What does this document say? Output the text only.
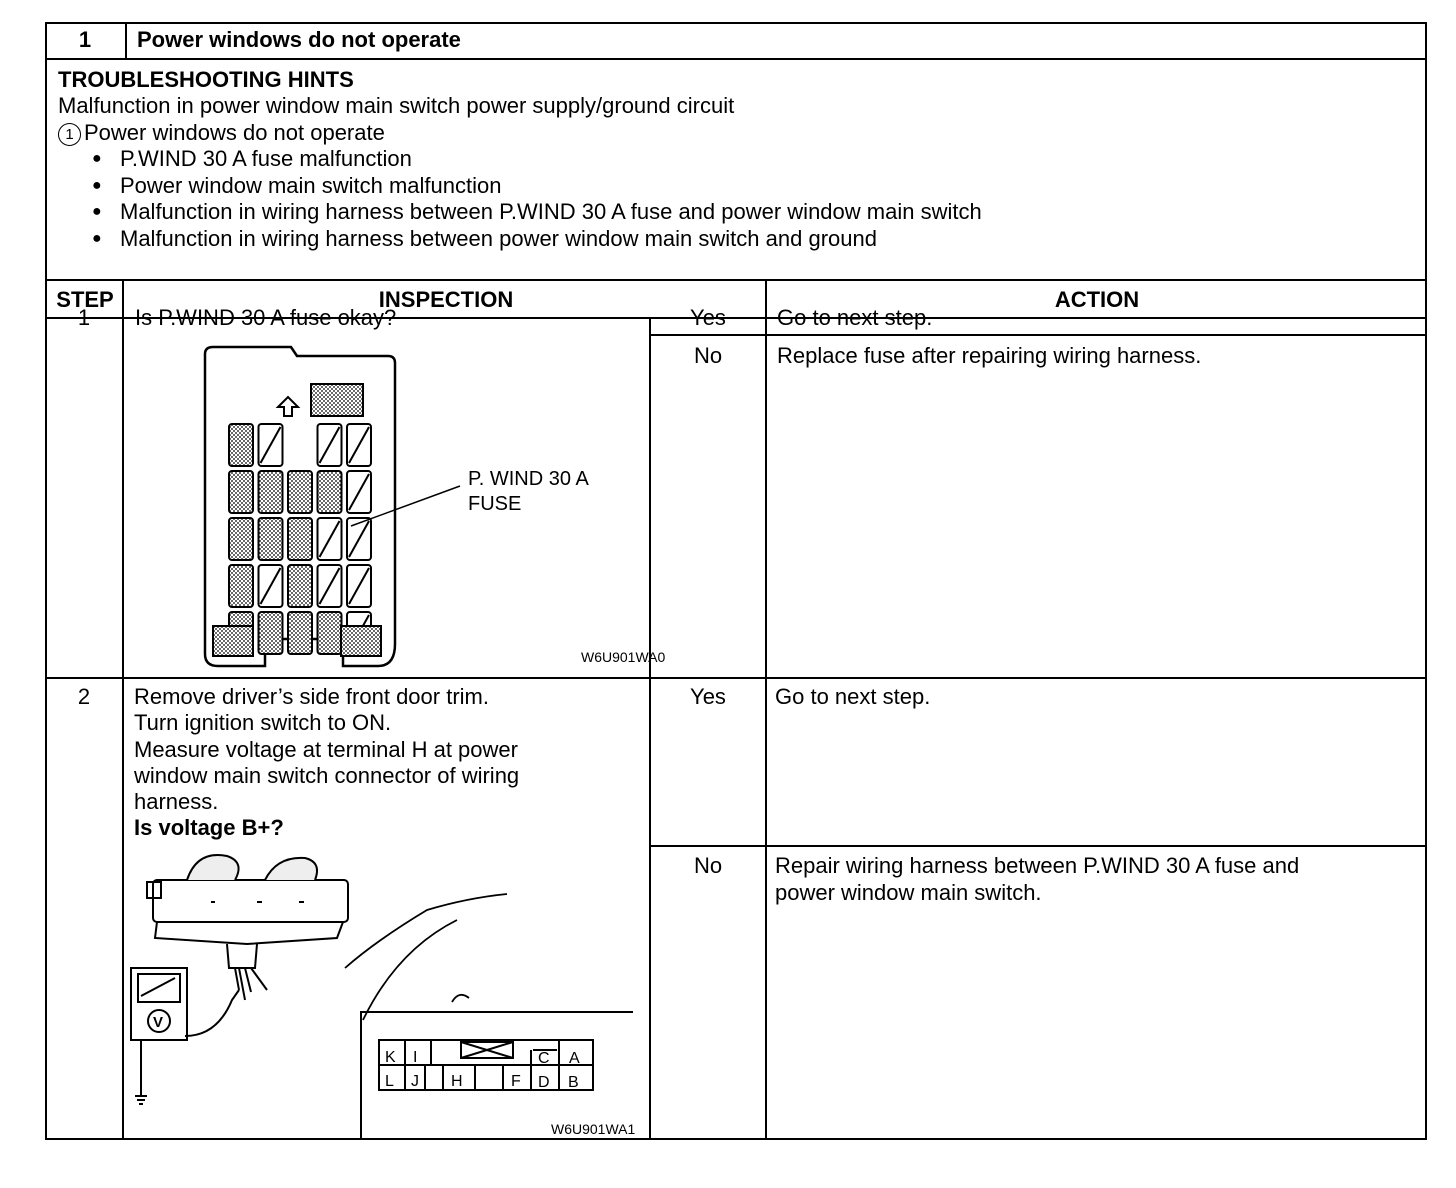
1	Power windows do not operate
TROUBLESHOOTING HINTS
Malfunction in power window main switch power supply/ground circuit
1 Power windows do not operate
● P.WIND 30 A fuse malfunction
● Power window main switch malfunction
● Malfunction in wiring harness between P.WIND 30 A fuse and power window main switch
● Malfunction in wiring harness between power window main switch and ground
STEP	INSPECTION	ACTION
1	Is P.WIND 30 A fuse okay?	Yes	Go to next step.
No	Replace fuse after repairing wiring harness.
P. WIND 30 A
FUSE
W6U901WA0
2	Remove driver’s side front door trim.
Turn ignition switch to ON.
Measure voltage at terminal H at power
window main switch connector of wiring
harness.
Is voltage B+?
Yes	Go to next step.
No	Repair wiring harness between P.WIND 30 A fuse and
power window main switch.
V
K I	C A
L J H	F D B
W6U901WA1
